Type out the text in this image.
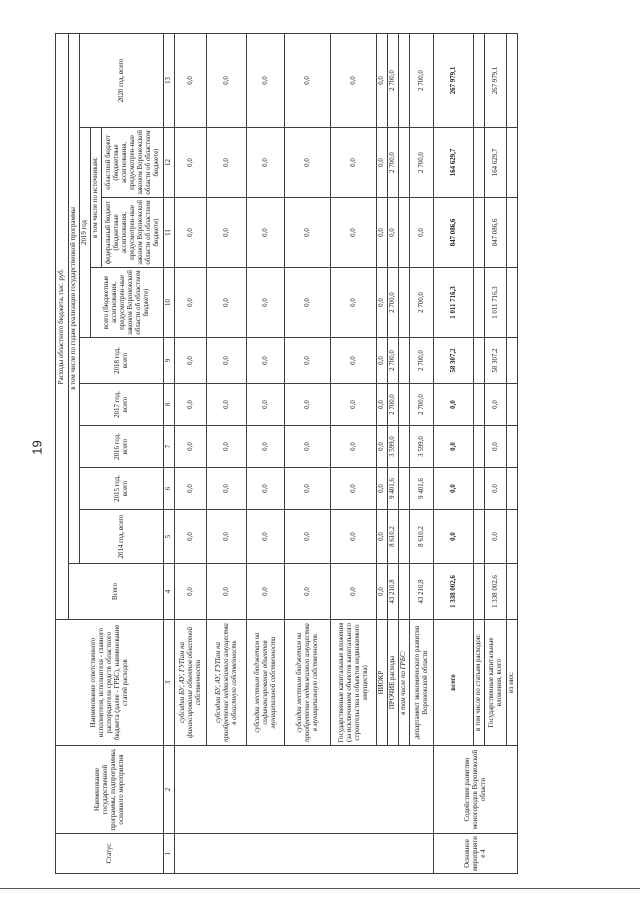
19
Статус	Наименование государственной программы, подпрограммы, основного мероприятия	Наименование ответственного исполнителя, исполнителя - главного распорядителя средств областного бюджета (далее - ГРБС), наименование статей расходов	Расходы областного бюджета, тыс. руб.									
			Всего	в том числе по годам реализации государственной программы								
				2014 год, всего	2015 год, всего	2016 год, всего	2017 год, всего	2018 год, всего	2019 год			2020 год, всего
									всего (бюджетные ассигнования, предусмотрен-ные законом Воронежской области об областном бюджете)	в том числе по источникам:		
										федеральный бюджет (бюджетные ассигнования, предусмотрен-ные законом Воронежской области об областном бюджете)	областной бюджет (бюджетные ассигнования, предусмотрен-ные законом Воронежской области об областном бюджете)	
1	2	3	4	5	6	7	8	9	10	11	12	13
		субсидии БУ, АУ, ГУПам на финансирование объектов областной собственности	0,0	0,0	0,0	0,0	0,0	0,0	0,0	0,0	0,0	0,0
		субсидии БУ, АУ, ГУПам на приобретение недвижимого имущества в областную собственность	0,0	0,0	0,0	0,0	0,0	0,0	0,0	0,0	0,0	0,0
		субсидии местным бюджетам на софинансирование объектов муниципальной собственности	0,0	0,0	0,0	0,0	0,0	0,0	0,0	0,0	0,0	0,0
		субсидии местным бюджетам на приобретение недвижимого имущества в муниципальную собственность	0,0	0,0	0,0	0,0	0,0	0,0	0,0	0,0	0,0	0,0
		Государственные капитальные вложения (за исключением объектов капитального строительства и объектов недвижимого имущества)	0,0	0,0	0,0	0,0	0,0	0,0	0,0	0,0	0,0	0,0
		НИОКР	0,0	0,0	0,0	0,0	0,0	0,0	0,0	0,0	0,0	0,0
		ПРОЧИЕ расходы	43 210,8	8 610,2	9 401,6	3 599,0	2 700,0	2 700,0	2 700,0	0,0	2 700,0	2 700,0
		в том числе по ГРБС:										
		департамент экономического развития Воронежской области	43 210,8	8 610,2	9 401,6	3 599,0	2 700,0	2 700,0	2 700,0	0,0	2 700,0	2 700,0
Основное мероприятие 4	Содействие развитию моногородов Воронежской области	всего	1 338 002,6	0,0	0,0	0,0	0,0	58 307,2	1 011 716,3	847 086,6	164 629,7	267 979,1
		в том числе по статьям расходов:										
		Государственные капитальные вложения, всего	1 338 002,6	0,0	0,0	0,0	0,0	58 307,2	1 011 716,3	847 086,6	164 629,7	267 979,1
		из них:										
